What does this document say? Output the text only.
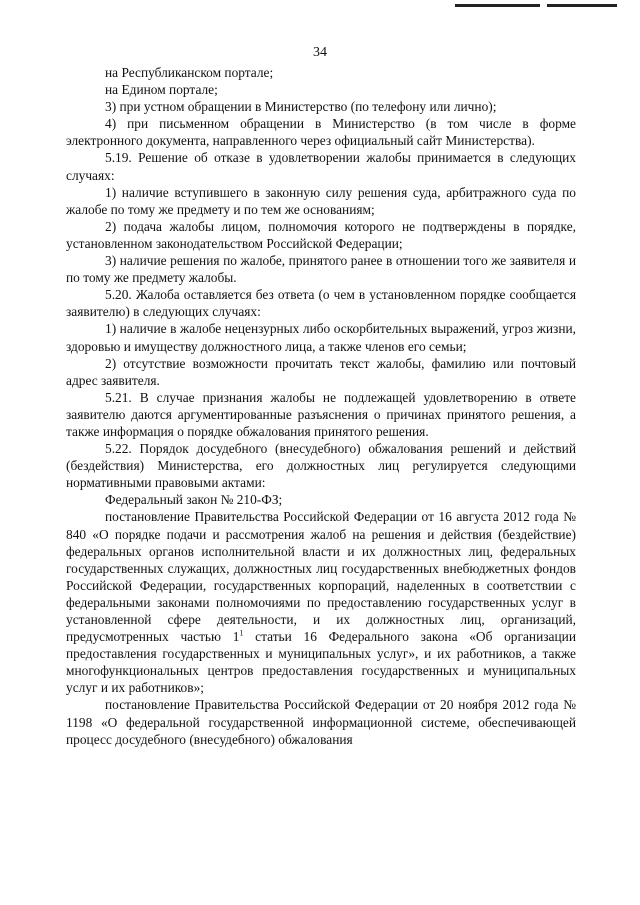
34

на Республиканском портале;

на Едином портале;

3) при устном обращении в Министерство (по телефону или лично);

4) при письменном обращении в Министерство (в том числе в форме электронного документа, направленного через официальный сайт Министерства).

5.19. Решение об отказе в удовлетворении жалобы принимается в следующих случаях:

1) наличие вступившего в законную силу решения суда, арбитражного суда по жалобе по тому же предмету и по тем же основаниям;

2) подача жалобы лицом, полномочия которого не подтверждены в порядке, установленном законодательством Российской Федерации;

3) наличие решения по жалобе, принятого ранее в отношении того же заявителя и по тому же предмету жалобы.

5.20. Жалоба оставляется без ответа (о чем в установленном порядке сообщается заявителю) в следующих случаях:

1) наличие в жалобе нецензурных либо оскорбительных выражений, угроз жизни, здоровью и имуществу должностного лица, а также членов его семьи;

2) отсутствие возможности прочитать текст жалобы, фамилию или почтовый адрес заявителя.

5.21. В случае признания жалобы не подлежащей удовлетворению в ответе заявителю даются аргументированные разъяснения о причинах принятого решения, а также информация о порядке обжалования принятого решения.

5.22. Порядок досудебного (внесудебного) обжалования решений и действий (бездействия) Министерства, его должностных лиц регулируется следующими нормативными правовыми актами:

Федеральный закон № 210-ФЗ;

постановление Правительства Российской Федерации от 16 августа 2012 года № 840 «О порядке подачи и рассмотрения жалоб на решения и действия (бездействие) федеральных органов исполнительной власти и их должностных лиц, федеральных государственных служащих, должностных лиц государственных внебюджетных фондов Российской Федерации, государственных корпораций, наделенных в соответствии с федеральными законами полномочиями по предоставлению государственных услуг в установленной сфере деятельности, и их должностных лиц, организаций, предусмотренных частью $1^1$ статьи 16 Федерального закона «Об организации предоставления государственных и муниципальных услуг», и их работников, а также многофункциональных центров предоставления государственных и муниципальных услуг и их работников»;

постановление Правительства Российской Федерации от 20 ноября 2012 года № 1198 «О федеральной государственной информационной системе, обеспечивающей процесс досудебного (внесудебного) обжалования
